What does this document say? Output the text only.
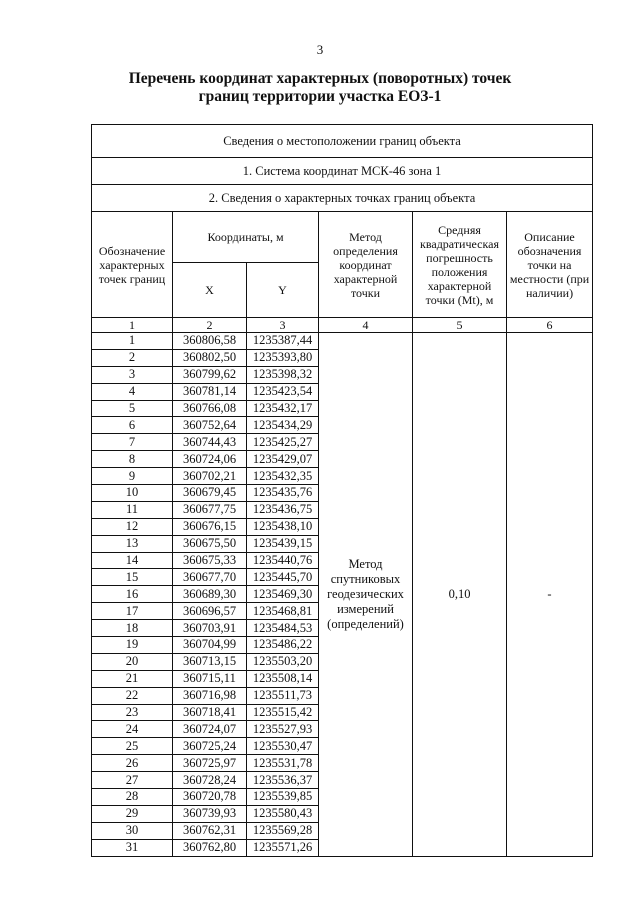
3
Перечень координат характерных (поворотных) точек
границ территории участка ЕОЗ-1
Сведения о местоположении границ объекта					
1. Система координат МСК-46 зона 1					
2. Сведения о характерных точках границ объекта					
Обозначение характерных точек границ	Координаты, м		Метод определения координат характерной точки	Средняя квадратическая погрешность положения характерной точки (Mt), м	Описание обозначения точки на местности (при наличии)
	X	Y			
1	2	3	4	5	6
1	360806,58	1235387,44	Метод спутниковых геодезических измерений (определений)	0,10	-
2	360802,50	1235393,80			
3	360799,62	1235398,32			
4	360781,14	1235423,54			
5	360766,08	1235432,17			
6	360752,64	1235434,29			
7	360744,43	1235425,27			
8	360724,06	1235429,07			
9	360702,21	1235432,35			
10	360679,45	1235435,76			
11	360677,75	1235436,75			
12	360676,15	1235438,10			
13	360675,50	1235439,15			
14	360675,33	1235440,76			
15	360677,70	1235445,70			
16	360689,30	1235469,30			
17	360696,57	1235468,81			
18	360703,91	1235484,53			
19	360704,99	1235486,22			
20	360713,15	1235503,20			
21	360715,11	1235508,14			
22	360716,98	1235511,73			
23	360718,41	1235515,42			
24	360724,07	1235527,93			
25	360725,24	1235530,47			
26	360725,97	1235531,78			
27	360728,24	1235536,37			
28	360720,78	1235539,85			
29	360739,93	1235580,43			
30	360762,31	1235569,28			
31	360762,80	1235571,26			
